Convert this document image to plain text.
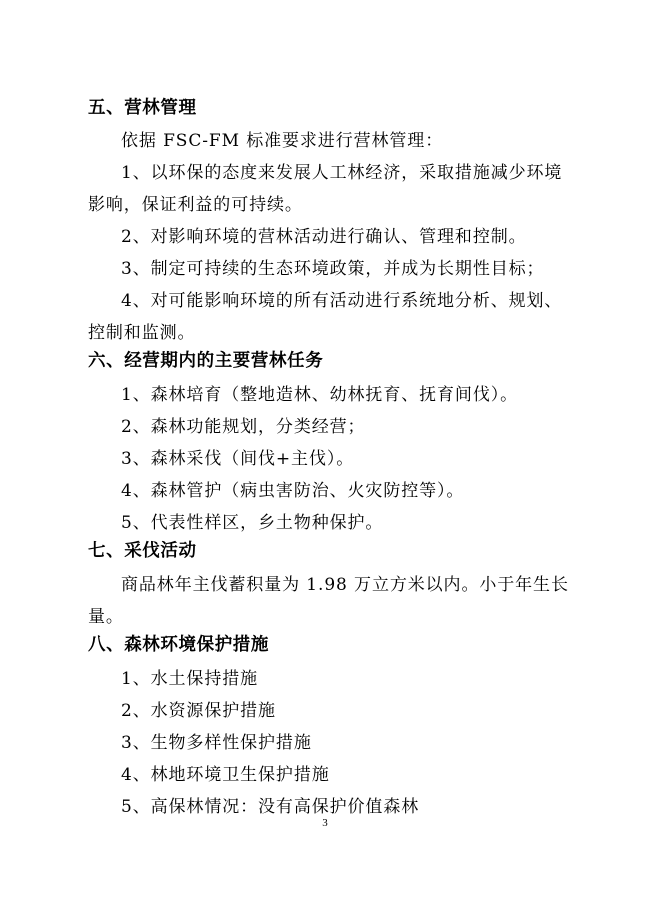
五、营林管理
依据 FSC-FM 标准要求进行营林管理：
1、以环保的态度来发展人工林经济，采取措施减少环境
影响，保证利益的可持续。
2、对影响环境的营林活动进行确认、管理和控制。
3、制定可持续的生态环境政策，并成为长期性目标；
4、对可能影响环境的所有活动进行系统地分析、规划、
控制和监测。
六、经营期内的主要营林任务
1、森林培育（整地造林、幼林抚育、抚育间伐）。
2、森林功能规划，分类经营；
3、森林采伐（间伐+主伐）。
4、森林管护（病虫害防治、火灾防控等）。
5、代表性样区，乡土物种保护。
七、采伐活动
商品林年主伐蓄积量为 1.98 万立方米以内。小于年生长
量。
八、森林环境保护措施
1、水土保持措施
2、水资源保护措施
3、生物多样性保护措施
4、林地环境卫生保护措施
5、高保林情况：没有高保护价值森林
3
